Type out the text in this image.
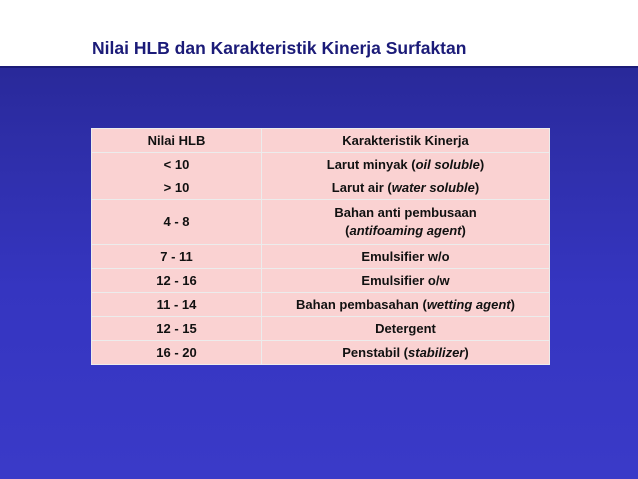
Nilai HLB dan Karakteristik Kinerja Surfaktan
Nilai HLB	Karakteristik Kinerja
< 10	Larut minyak (oil soluble)
> 10	Larut air (water soluble)
4 - 8	Bahan anti pembusaan
(antifoaming agent)
7 - 11	Emulsifier w/o
12 - 16	Emulsifier o/w
11 - 14	Bahan pembasahan (wetting agent)
12 - 15	Detergent
16 - 20	Penstabil (stabilizer)
